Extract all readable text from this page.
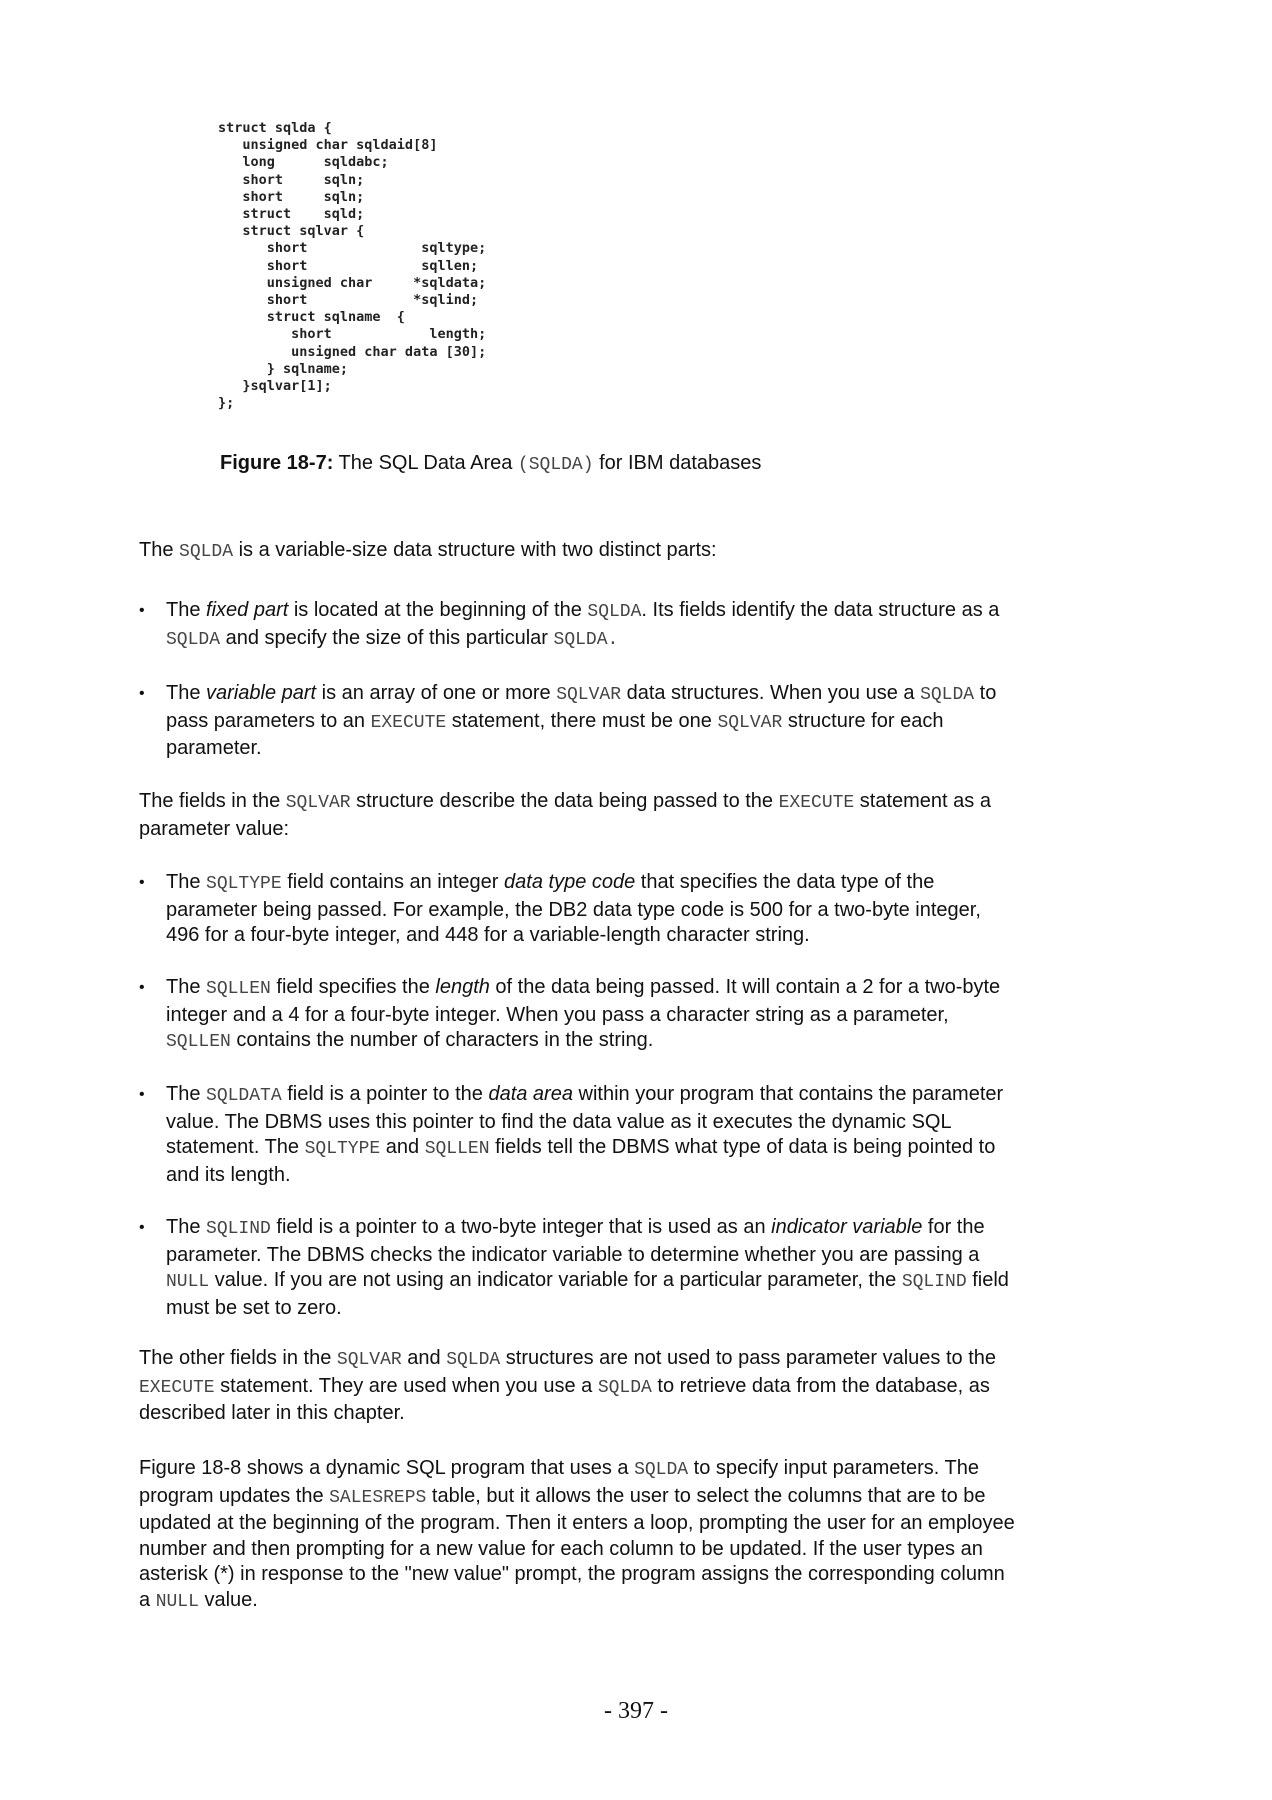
struct sqlda {
unsigned char sqldaid[8]
long      sqldabc;
short     sqln;
short     sqln;
struct    sqld;
struct sqlvar {
short              sqltype;
short              sqllen;
unsigned char     *sqldata;
short             *sqlind;
struct sqlname  {
short            length;
unsigned char data [30];
} sqlname;
}sqlvar[1];
};
Figure 18-7: The SQL Data Area (SQLDA) for IBM databases

The SQLDA is a variable-size data structure with two distinct parts:

• The fixed part is located at the beginning of the SQLDA. Its fields identify the data structure as a SQLDA and specify the size of this particular SQLDA.
• The variable part is an array of one or more SQLVAR data structures. When you use a SQLDA to pass parameters to an EXECUTE statement, there must be one SQLVAR structure for each parameter.

The fields in the SQLVAR structure describe the data being passed to the EXECUTE statement as a parameter value:

• The SQLTYPE field contains an integer data type code that specifies the data type of the parameter being passed. For example, the DB2 data type code is 500 for a two-byte integer, 496 for a four-byte integer, and 448 for a variable-length character string.
• The SQLLEN field specifies the length of the data being passed. It will contain a 2 for a two-byte integer and a 4 for a four-byte integer. When you pass a character string as a parameter, SQLLEN contains the number of characters in the string.
• The SQLDATA field is a pointer to the data area within your program that contains the parameter value. The DBMS uses this pointer to find the data value as it executes the dynamic SQL statement. The SQLTYPE and SQLLEN fields tell the DBMS what type of data is being pointed to and its length.
• The SQLIND field is a pointer to a two-byte integer that is used as an indicator variable for the parameter. The DBMS checks the indicator variable to determine whether you are passing a NULL value. If you are not using an indicator variable for a particular parameter, the SQLIND field must be set to zero.

The other fields in the SQLVAR and SQLDA structures are not used to pass parameter values to the EXECUTE statement. They are used when you use a SQLDA to retrieve data from the database, as described later in this chapter.

Figure 18-8 shows a dynamic SQL program that uses a SQLDA to specify input parameters. The program updates the SALESREPS table, but it allows the user to select the columns that are to be updated at the beginning of the program. Then it enters a loop, prompting the user for an employee number and then prompting for a new value for each column to be updated. If the user types an asterisk (*) in response to the "new value" prompt, the program assigns the corresponding column a NULL value.

- 397 -
